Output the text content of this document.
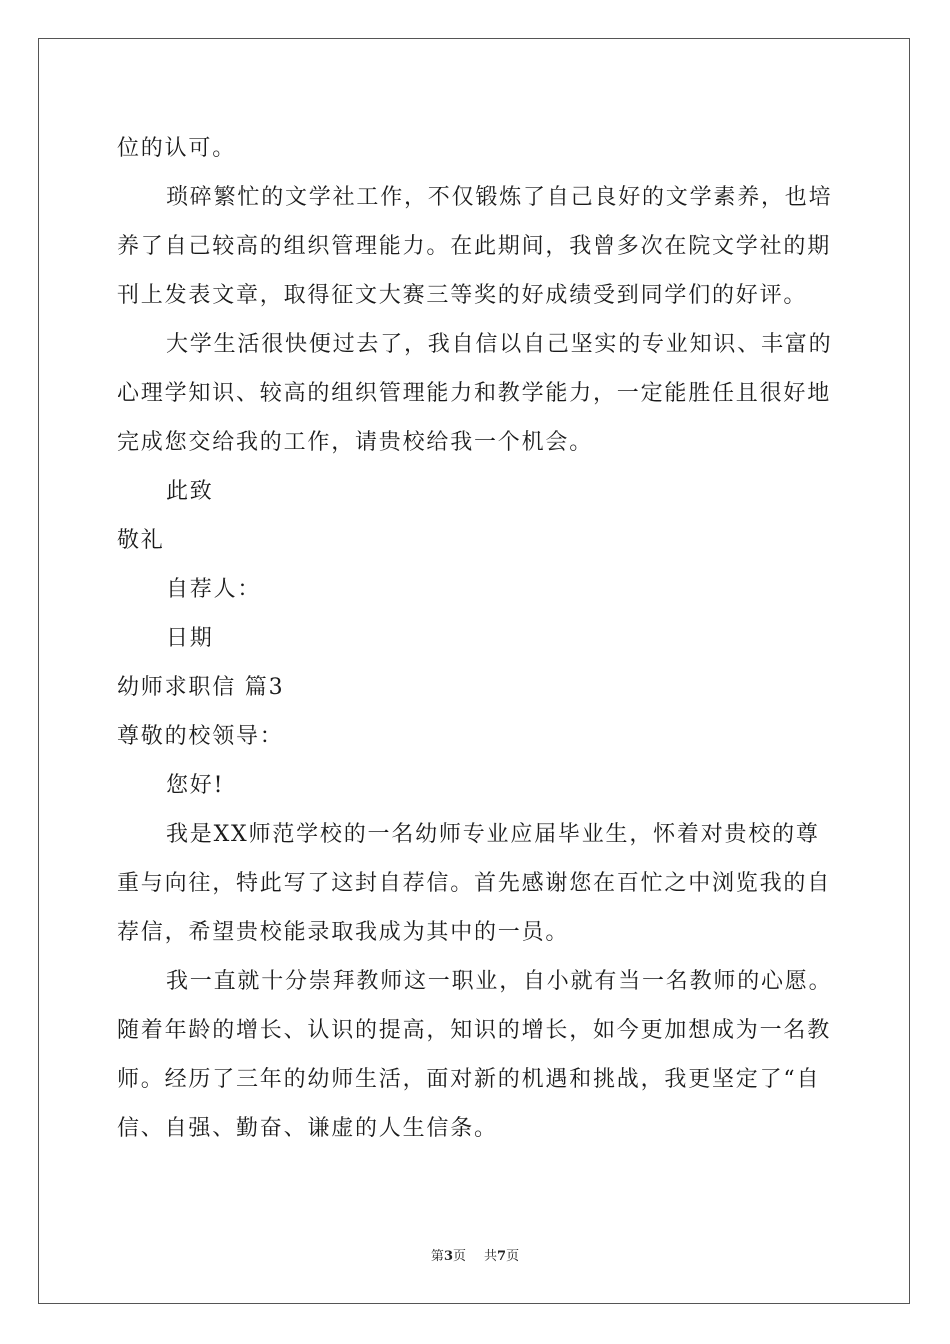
位的认可。
琐碎繁忙的文学社工作，不仅锻炼了自己良好的文学素养，也培
养了自己较高的组织管理能力。在此期间，我曾多次在院文学社的期
刊上发表文章，取得征文大赛三等奖的好成绩受到同学们的好评。
大学生活很快便过去了，我自信以自己坚实的专业知识、丰富的
心理学知识、较高的组织管理能力和教学能力，一定能胜任且很好地
完成您交给我的工作，请贵校给我一个机会。
此致
敬礼
自荐人：
日期
幼师求职信 篇3
尊敬的校领导：
您好!
我是XX师范学校的一名幼师专业应届毕业生，怀着对贵校的尊
重与向往，特此写了这封自荐信。首先感谢您在百忙之中浏览我的自
荐信，希望贵校能录取我成为其中的一员。
我一直就十分崇拜教师这一职业，自小就有当一名教师的心愿。
随着年龄的增长、认识的提高，知识的增长，如今更加想成为一名教
师。经历了三年的幼师生活，面对新的机遇和挑战，我更坚定了“自
信、自强、勤奋、谦虚的人生信条。
第3页 共7页
